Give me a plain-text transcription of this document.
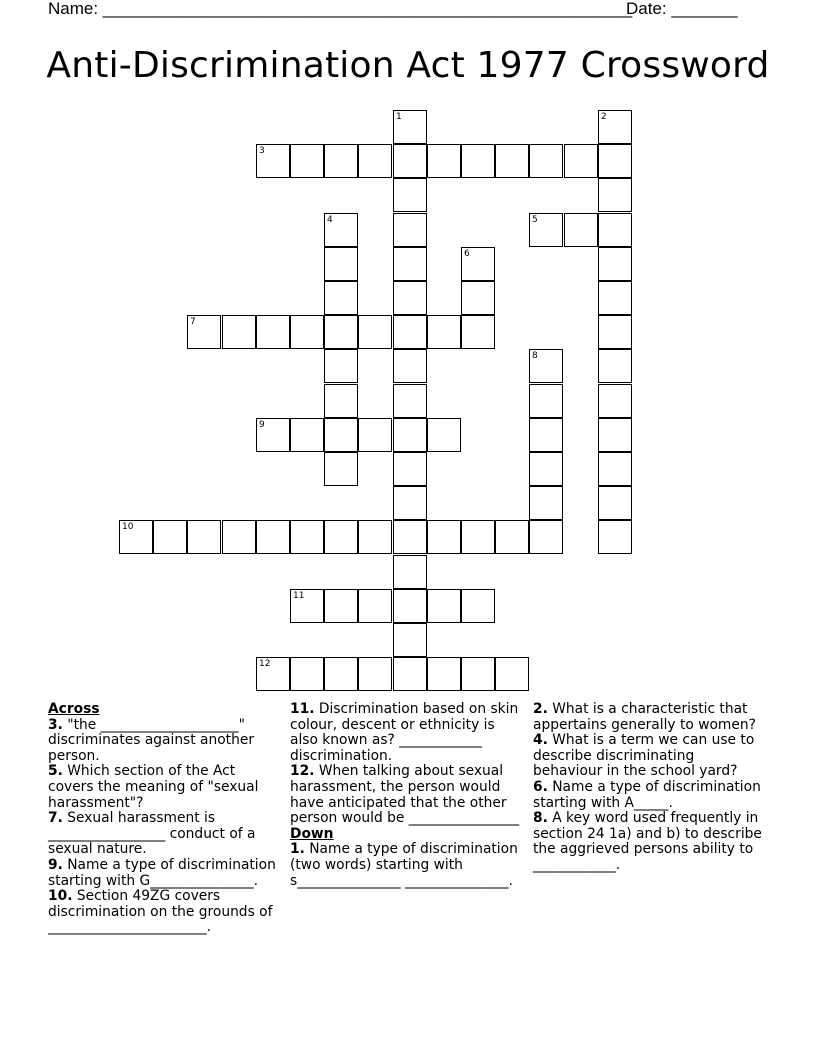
Name: ________________________________________________________
Date: _______
Anti-Discrimination Act 1977 Crossword
1	2
3
4	5
6
7
8
9
10
11
12
Across
3. "the ____________________" discriminates against another person.
5. Which section of the Act covers the meaning of "sexual harassment"?
7. Sexual harassment is _________________ conduct of a sexual nature.
9. Name a type of discrimination starting with G_______________.
10. Section 49ZG covers discrimination on the grounds of _______________________.
11. Discrimination based on skin colour, descent or ethnicity is also known as? ____________ discrimination.
12. When talking about sexual harassment, the person would have anticipated that the other person would be ________________
Down
1. Name a type of discrimination (two words) starting with s_______________ _______________.
2. What is a characteristic that appertains generally to women?
4. What is a term we can use to describe discriminating behaviour in the school yard?
6. Name a type of discrimination starting with A_____.
8. A key word used frequently in section 24 1a) and b) to describe the aggrieved persons ability to ____________.
